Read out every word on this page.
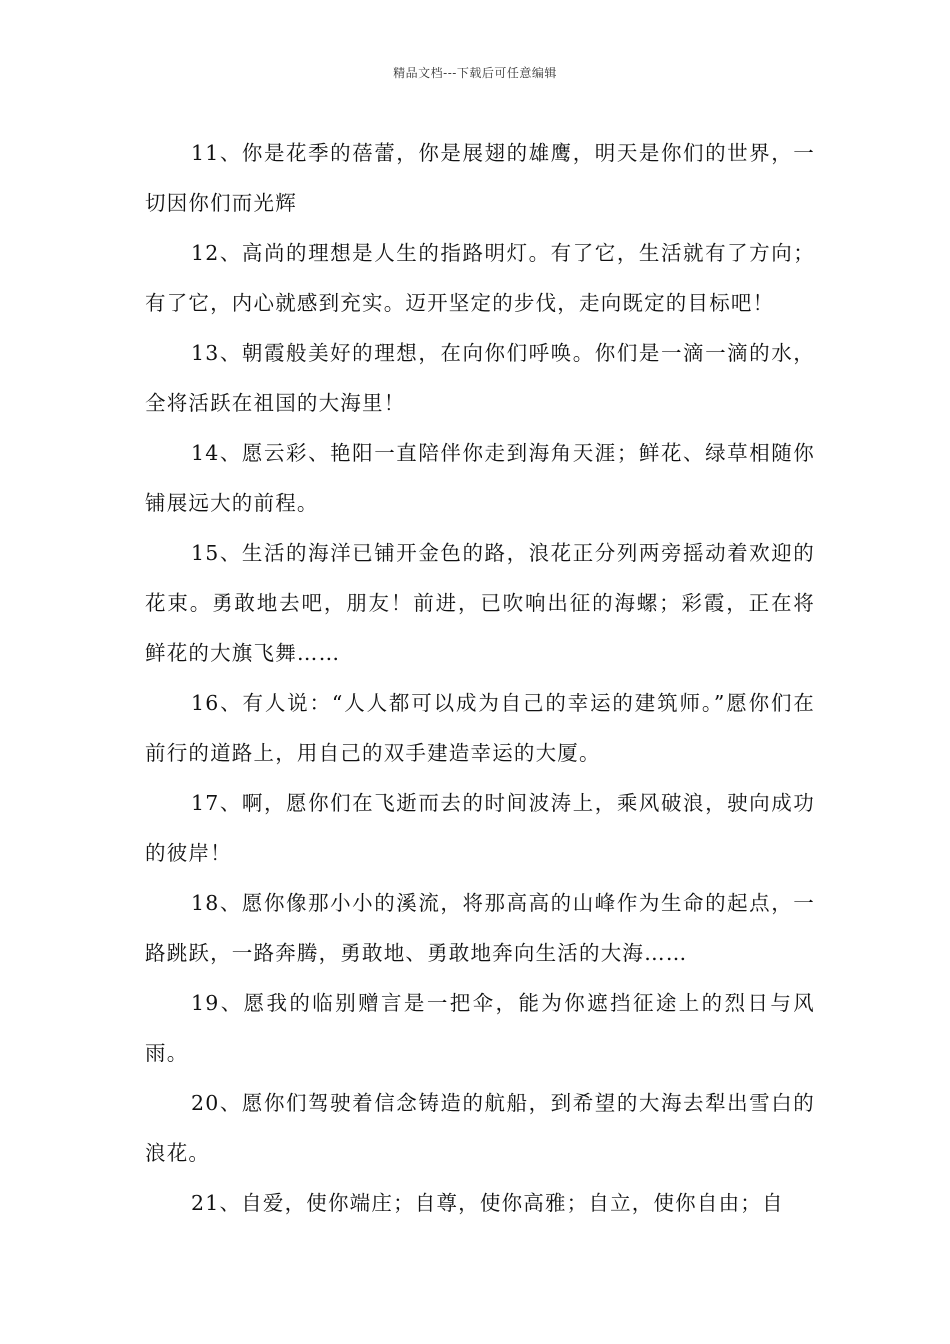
精品文档---下载后可任意编辑

11、你是花季的蓓蕾，你是展翅的雄鹰，明天是你们的世界，一切因你们而光辉

12、高尚的理想是人生的指路明灯。有了它，生活就有了方向；有了它，内心就感到充实。迈开坚定的步伐，走向既定的目标吧！

13、朝霞般美好的理想，在向你们呼唤。你们是一滴一滴的水，全将活跃在祖国的大海里！

14、愿云彩、艳阳一直陪伴你走到海角天涯；鲜花、绿草相随你铺展远大的前程。

15、生活的海洋已铺开金色的路，浪花正分列两旁摇动着欢迎的花束。勇敢地去吧，朋友！前进，已吹响出征的海螺；彩霞，正在将鲜花的大旗飞舞……

16、有人说：“人人都可以成为自己的幸运的建筑师。”愿你们在前行的道路上，用自己的双手建造幸运的大厦。

17、啊，愿你们在飞逝而去的时间波涛上，乘风破浪，驶向成功的彼岸！

18、愿你像那小小的溪流，将那高高的山峰作为生命的起点，一路跳跃，一路奔腾，勇敢地、勇敢地奔向生活的大海……

19、愿我的临别赠言是一把伞，能为你遮挡征途上的烈日与风雨。

20、愿你们驾驶着信念铸造的航船，到希望的大海去犁出雪白的浪花。

21、自爱，使你端庄；自尊，使你高雅；自立，使你自由；自
